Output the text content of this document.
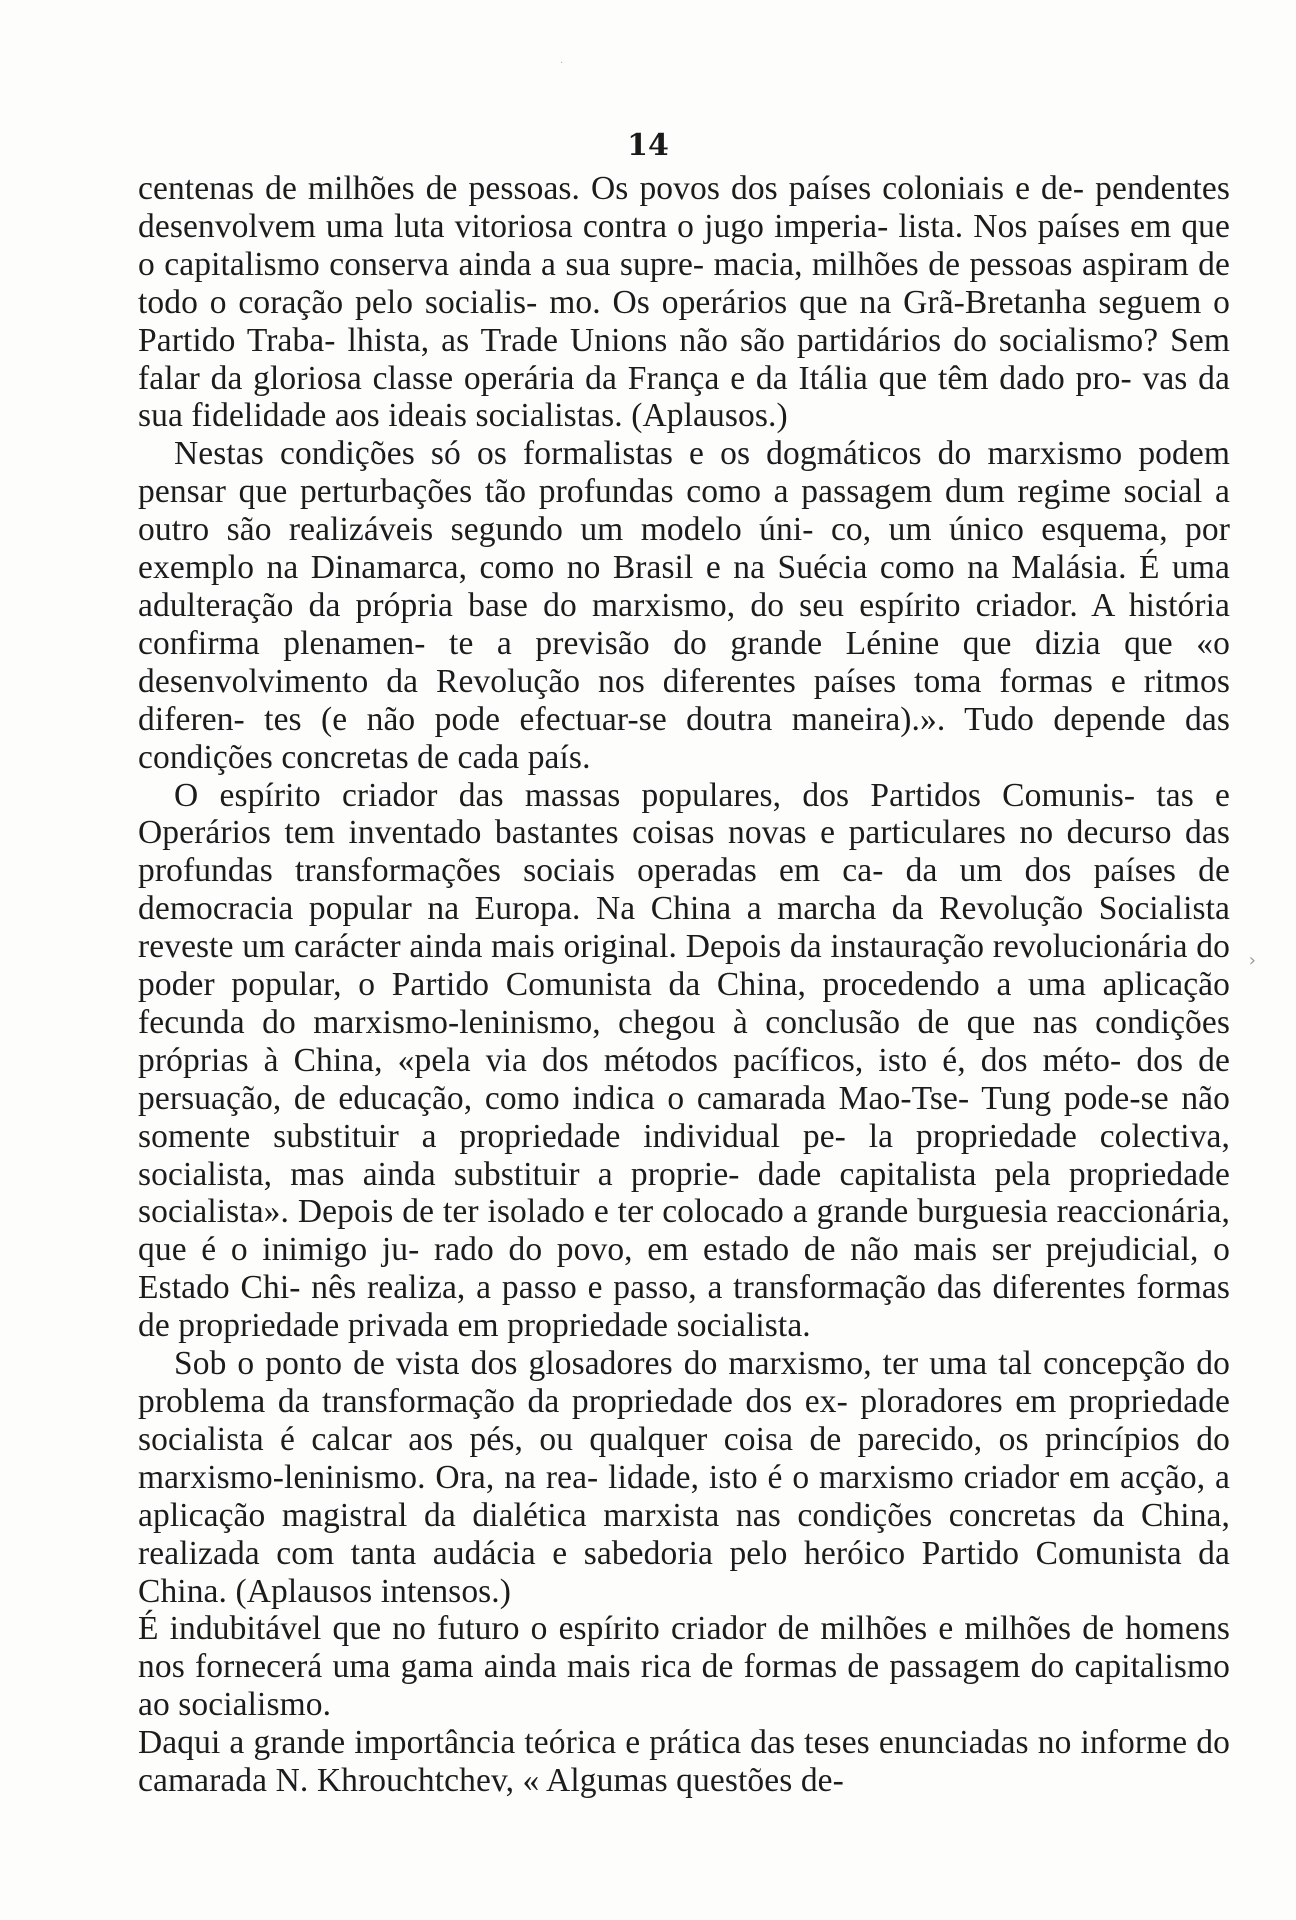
·
14

centenas de milhões de pessoas. Os povos dos países coloniais e de- pendentes desenvolvem uma luta vitoriosa contra o jugo imperia- lista. Nos países em que o capitalismo conserva ainda a sua supre- macia, milhões de pessoas aspiram de todo o coração pelo socialis- mo. Os operários que na Grã-Bretanha seguem o Partido Traba- lhista, as Trade Unions não são partidários do socialismo? Sem falar da gloriosa classe operária da França e da Itália que têm dado pro- vas da sua fidelidade aos ideais socialistas. (Aplausos.)

Nestas condições só os formalistas e os dogmáticos do marxismo podem pensar que perturbações tão profundas como a passagem dum regime social a outro são realizáveis segundo um modelo úni- co, um único esquema, por exemplo na Dinamarca, como no Brasil e na Suécia como na Malásia. É uma adulteração da própria base do marxismo, do seu espírito criador. A história confirma plenamen- te a previsão do grande Lénine que dizia que «o desenvolvimento da Revolução nos diferentes países toma formas e ritmos diferen- tes (e não pode efectuar-se doutra maneira).». Tudo depende das condições concretas de cada país.

O espírito criador das massas populares, dos Partidos Comunis- tas e Operários tem inventado bastantes coisas novas e particulares no decurso das profundas transformações sociais operadas em ca- da um dos países de democracia popular na Europa. Na China a marcha da Revolução Socialista reveste um carácter ainda mais original. Depois da instauração revolucionária do poder popular, o Partido Comunista da China, procedendo a uma aplicação fecunda do marxismo-leninismo, chegou à conclusão de que nas condições próprias à China, «pela via dos métodos pacíficos, isto é, dos méto- dos de persuação, de educação, como indica o camarada Mao-Tse- Tung pode-se não somente substituir a propriedade individual pe- la propriedade colectiva, socialista, mas ainda substituir a proprie- dade capitalista pela propriedade socialista». Depois de ter isolado e ter colocado a grande burguesia reaccionária, que é o inimigo ju- rado do povo, em estado de não mais ser prejudicial, o Estado Chi- nês realiza, a passo e passo, a transformação das diferentes formas de propriedade privada em propriedade socialista.

Sob o ponto de vista dos glosadores do marxismo, ter uma tal concepção do problema da transformação da propriedade dos ex- ploradores em propriedade socialista é calcar aos pés, ou qualquer coisa de parecido, os princípios do marxismo-leninismo. Ora, na rea- lidade, isto é o marxismo criador em acção, a aplicação magistral da dialética marxista nas condições concretas da China, realizada com tanta audácia e sabedoria pelo heróico Partido Comunista da China. (Aplausos intensos.)

É indubitável que no futuro o espírito criador de milhões e milhões de homens nos fornecerá uma gama ainda mais rica de formas de passagem do capitalismo ao socialismo.

Daqui a grande importância teórica e prática das teses enunciadas no informe do camarada N. Khrouchtchev, « Algumas questões de-

›
